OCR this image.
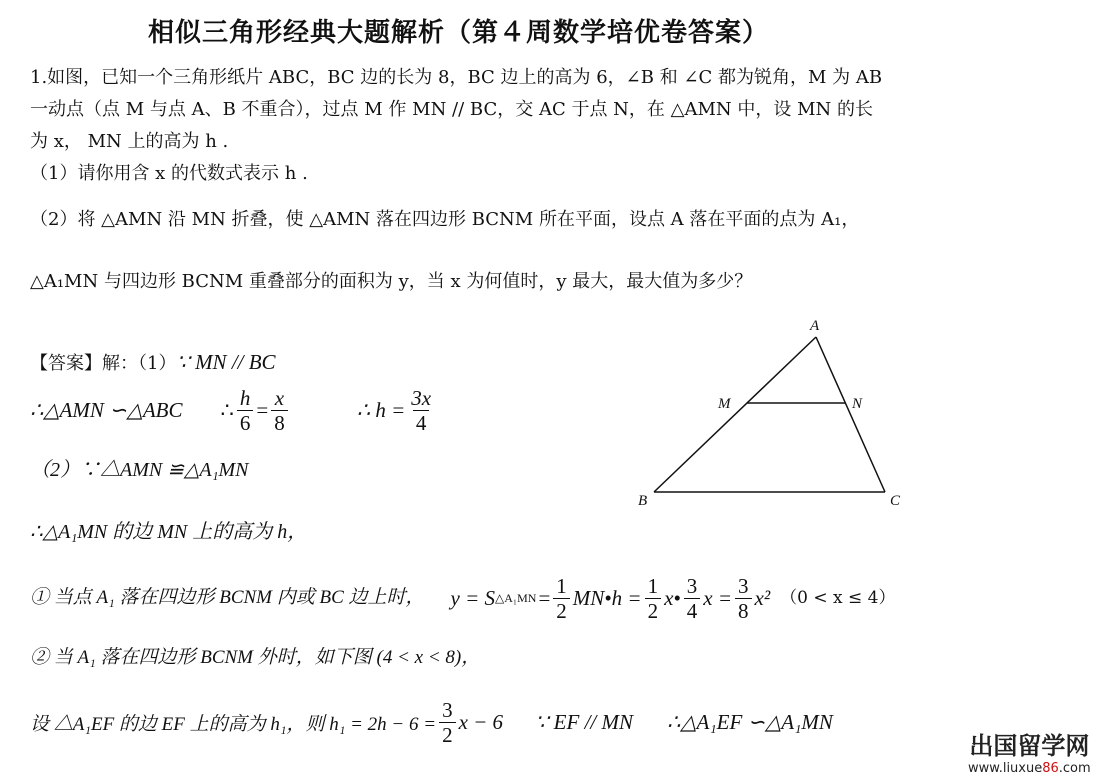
相似三角形经典大题解析（第４周数学培优卷答案）
1.如图，已知一个三角形纸片 ABC，BC 边的长为 8，BC 边上的高为 6，∠B 和 ∠C 都为锐角，M 为 AB
一动点（点 M 与点 A、B 不重合），过点 M 作 MN // BC，交 AC 于点 N，在 △AMN 中，设 MN 的长
为 x， MN 上的高为 h .
（1）请你用含 x 的代数式表示 h .
（2）将 △AMN 沿 MN 折叠，使 △AMN 落在四边形 BCNM 所在平面，设点 A 落在平面的点为 A₁，
△A₁MN 与四边形 BCNM 重叠部分的面积为 y，当 x 为何值时，y 最大，最大值为多少？
A
M	N
B	C
【答案】解：（1）∵ MN // BC
∴△AMN ∽△ABC ∴ $\frac{h}{6} = \frac{x}{8}$	∴ $h = \frac{3x}{4}$
（2）∵△AMN ≌△A₁MN
∴△A₁MN 的边 MN 上的高为 h，
① 当点 A₁ 落在四边形 BCNM 内或 BC 边上时， y = S △A₁MN = $\frac{1}{2}$ MN•h = $\frac{1}{2}$ x• $\frac{3}{4}$ $x = \frac{3}{8} x^2$ （0 < x ≤ 4）
② 当 A₁ 落在四边形 BCNM 外时，如下图 (4 < x < 8)，
设 △A₁EF 的边 EF 上的高为 h₁，则 $h_1 = 2h - 6 = \frac{3}{2}$ x − 6 ∵ EF // MN ∴△A₁EF ∽△A₁MN
出国留学网
www.liuxue86.com
